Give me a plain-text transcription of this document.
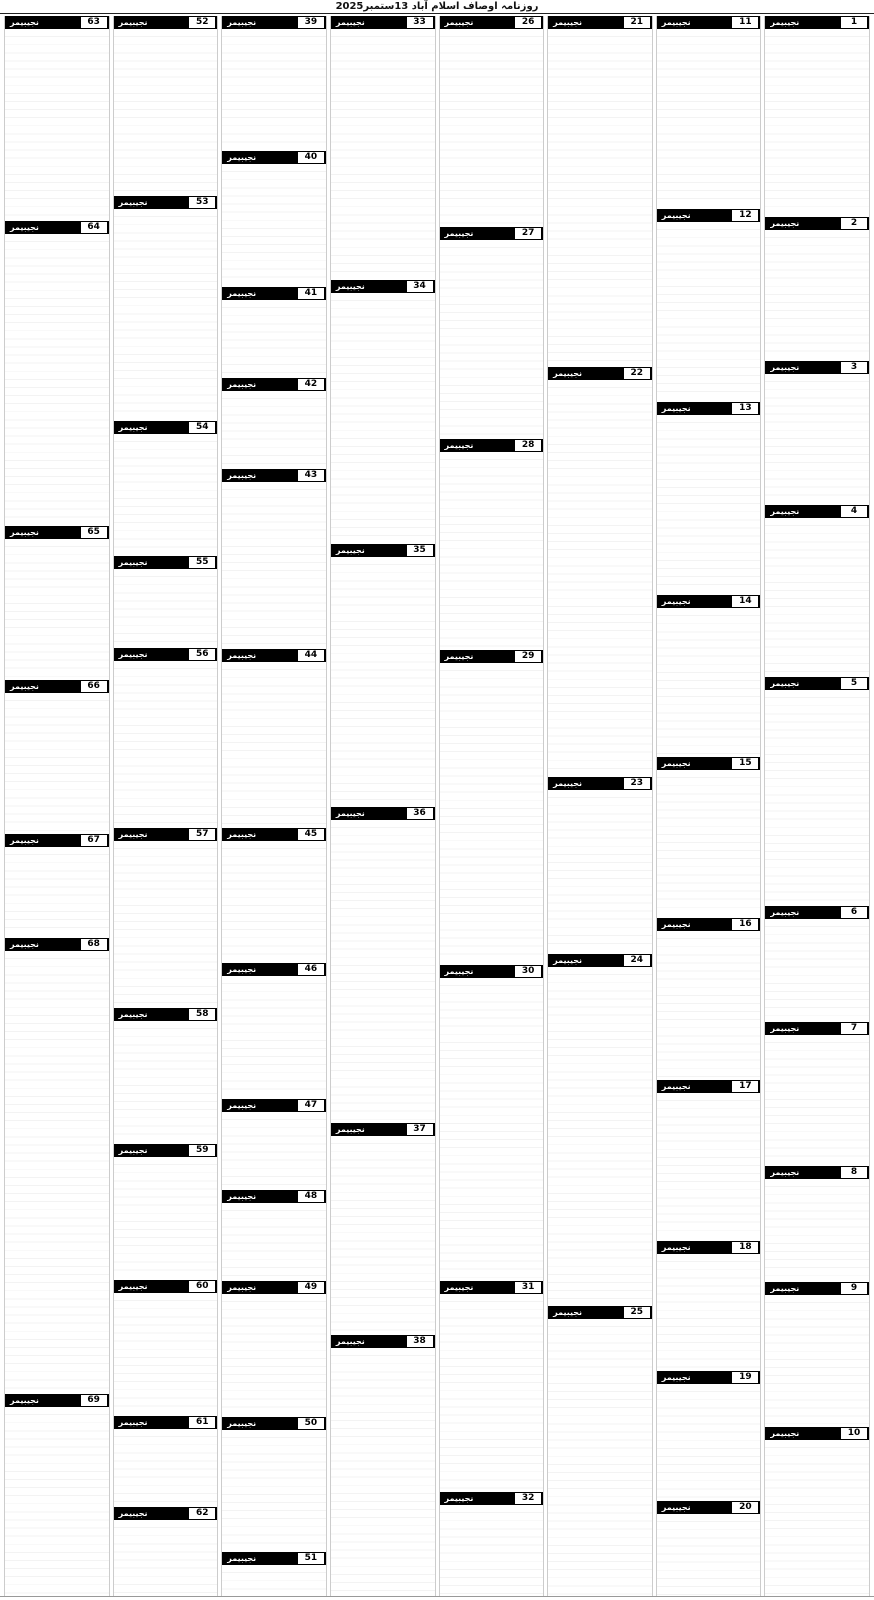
روزنامہ اوصاف اسلام آباد 13ستمبر2025
1
نجیبیمر
2
نجیبیمر
3
نجیبیمر
4
نجیبیمر
5
نجیبیمر
6
نجیبیمر
7
نجیبیمر
8
نجیبیمر
9
نجیبیمر
10
نجیبیمر
11
نجیبیمر
12
نجیبیمر
13
نجیبیمر
14
نجیبیمر
15
نجیبیمر
16
نجیبیمر
17
نجیبیمر
18
نجیبیمر
19
نجیبیمر
20
نجیبیمر
21
نجیبیمر
22
نجیبیمر
23
نجیبیمر
24
نجیبیمر
25
نجیبیمر
26
نجیبیمر
27
نجیبیمر
28
نجیبیمر
29
نجیبیمر
30
نجیبیمر
31
نجیبیمر
32
نجیبیمر
33
نجیبیمر
34
نجیبیمر
35
نجیبیمر
36
نجیبیمر
37
نجیبیمر
38
نجیبیمر
39
نجیبیمر
40
نجیبیمر
41
نجیبیمر
42
نجیبیمر
43
نجیبیمر
44
نجیبیمر
45
نجیبیمر
46
نجیبیمر
47
نجیبیمر
48
نجیبیمر
49
نجیبیمر
50
نجیبیمر
51
نجیبیمر
52
نجیبیمر
53
نجیبیمر
54
نجیبیمر
55
نجیبیمر
56
نجیبیمر
57
نجیبیمر
58
نجیبیمر
59
نجیبیمر
60
نجیبیمر
61
نجیبیمر
62
نجیبیمر
63
نجیبیمر
64
نجیبیمر
65
نجیبیمر
66
نجیبیمر
67
نجیبیمر
68
نجیبیمر
69
نجیبیمر
